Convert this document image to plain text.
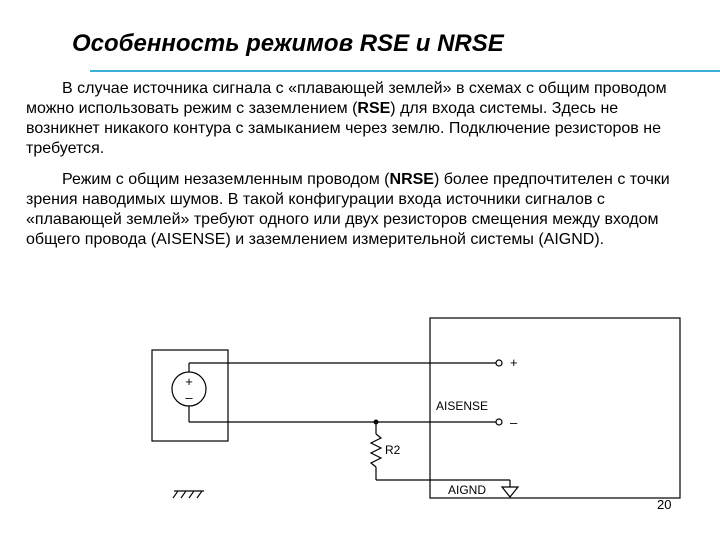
Особенность режимов RSE и NRSE
В случае источника сигнала с «плавающей землей» в схемах с общим проводом можно использовать режим с заземлением (RSE) для входа системы. Здесь не возникнет никакого контура с замыканием через землю. Подключение резисторов не требуется.
Режим с общим незаземленным проводом (NRSE) более предпочтителен с точки зрения наводимых шумов. В такой конфигурации входа источники сигналов с «плавающей землей» требуют одного или двух резисторов смещения между входом общего провода (AISENSE) и заземлением измерительной системы (AIGND).
+
–
+
–
AISENSE
R2
AIGND
20
